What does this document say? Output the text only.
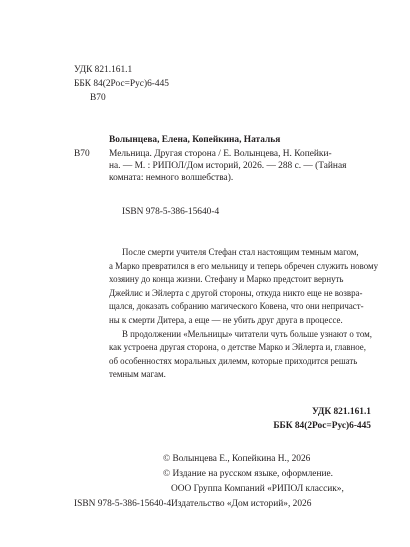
УДК 821.161.1
ББК 84(2Рос=Рус)6-445
В70
Волынцева, Елена, Копейкина, Наталья
В70 Мельница. Другая сторона / Е. Волынцева, Н. Копейки-
на. — М. : РИПОЛ/Дом историй, 2026. — 288 с. — (Тайная
комната: немного волшебства).
ISBN 978-5-386-15640-4
После смерти учителя Стефан стал настоящим темным магом,
а Марко превратился в его мельницу и теперь обречен служить новому
хозяину до конца жизни. Стефану и Марко предстоит вернуть
Джейлис и Эйлерта с другой стороны, откуда никто еще не возвра-
щался, доказать собранию магического Ковена, что они непричаст-
ны к смерти Дитера, а еще — не убить друг друга в процессе.
В продолжении «Мельницы» читатели чуть больше узнают о том,
как устроена другая сторона, о детстве Марко и Эйлерта и, главное,
об особенностях моральных дилемм, которые приходится решать
темным магам.
УДК 821.161.1
ББК 84(2Рос=Рус)6-445
© Волынцева Е., Копейкина Н., 2026
© Издание на русском языке, оформление.
ООО Группа Компаний «РИПОЛ классик»,
Издательство «Дом историй», 2026
ISBN 978-5-386-15640-4
